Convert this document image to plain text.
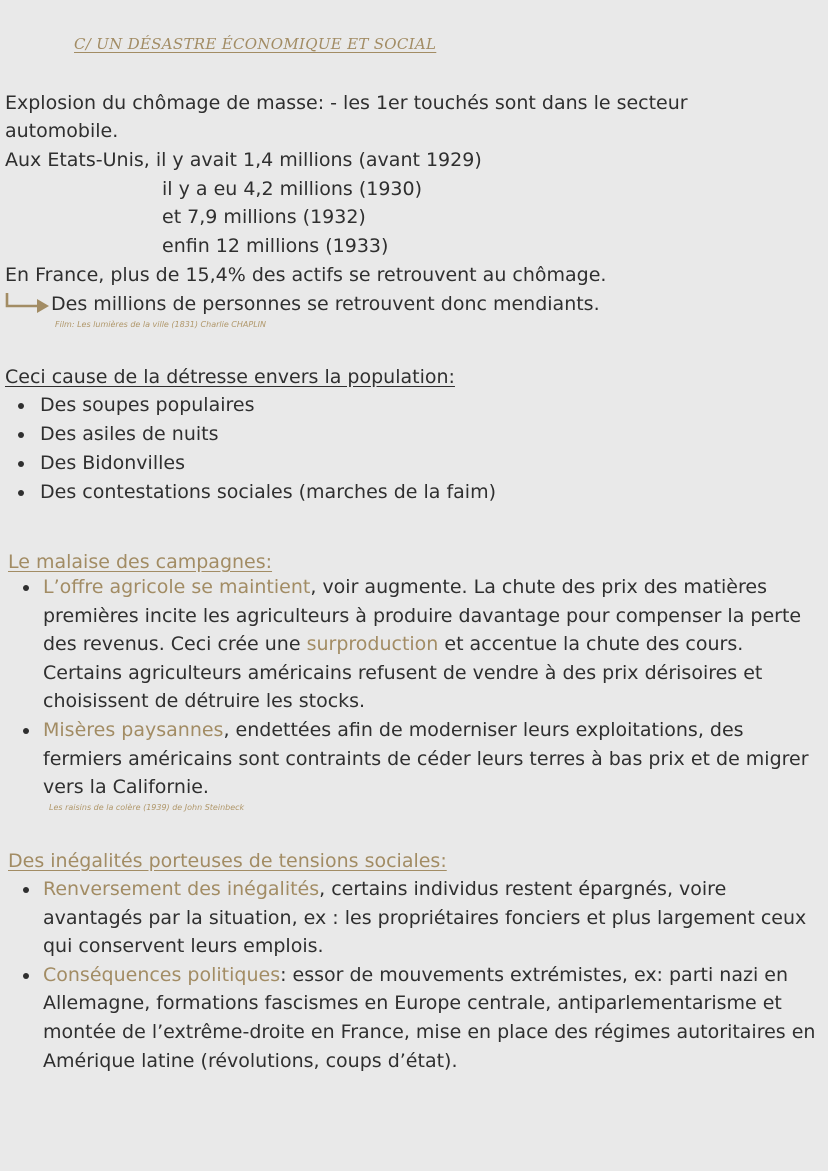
C/ UN DÉSASTRE ÉCONOMIQUE ET SOCIAL
Explosion du chômage de masse: - les 1er touchés sont dans le secteur
automobile.
Aux Etats-Unis, il y avait 1,4 millions (avant 1929)
il y a eu 4,2 millions (1930)
et 7,9 millions (1932)
enfin 12 millions (1933)
En France, plus de 15,4% des actifs se retrouvent au chômage.
Des millions de personnes se retrouvent donc mendiants.
Film: Les lumières de la ville (1831) Charlie CHAPLIN
Ceci cause de la détresse envers la population:
Des soupes populaires
Des asiles de nuits
Des Bidonvilles
Des contestations sociales (marches de la faim)
Le malaise des campagnes:
L’offre agricole se maintient, voir augmente. La chute des prix des matières premières incite les agriculteurs à produire davantage pour compenser la perte des revenus. Ceci crée une surproduction et accentue la chute des cours. Certains agriculteurs américains refusent de vendre à des prix dérisoires et choisissent de détruire les stocks.
Misères paysannes, endettées afin de moderniser leurs exploitations, des fermiers américains sont contraints de céder leurs terres à bas prix et de migrer vers la Californie.
Les raisins de la colère (1939) de John Steinbeck
Des inégalités porteuses de tensions sociales:
Renversement des inégalités, certains individus restent épargnés, voire avantagés par la situation, ex : les propriétaires fonciers et plus largement ceux qui conservent leurs emplois.
Conséquences politiques: essor de mouvements extrémistes, ex: parti nazi en Allemagne, formations fascismes en Europe centrale, antiparlementarisme et montée de l’extrême-droite en France, mise en place des régimes autoritaires en Amérique latine (révolutions, coups d’état).
